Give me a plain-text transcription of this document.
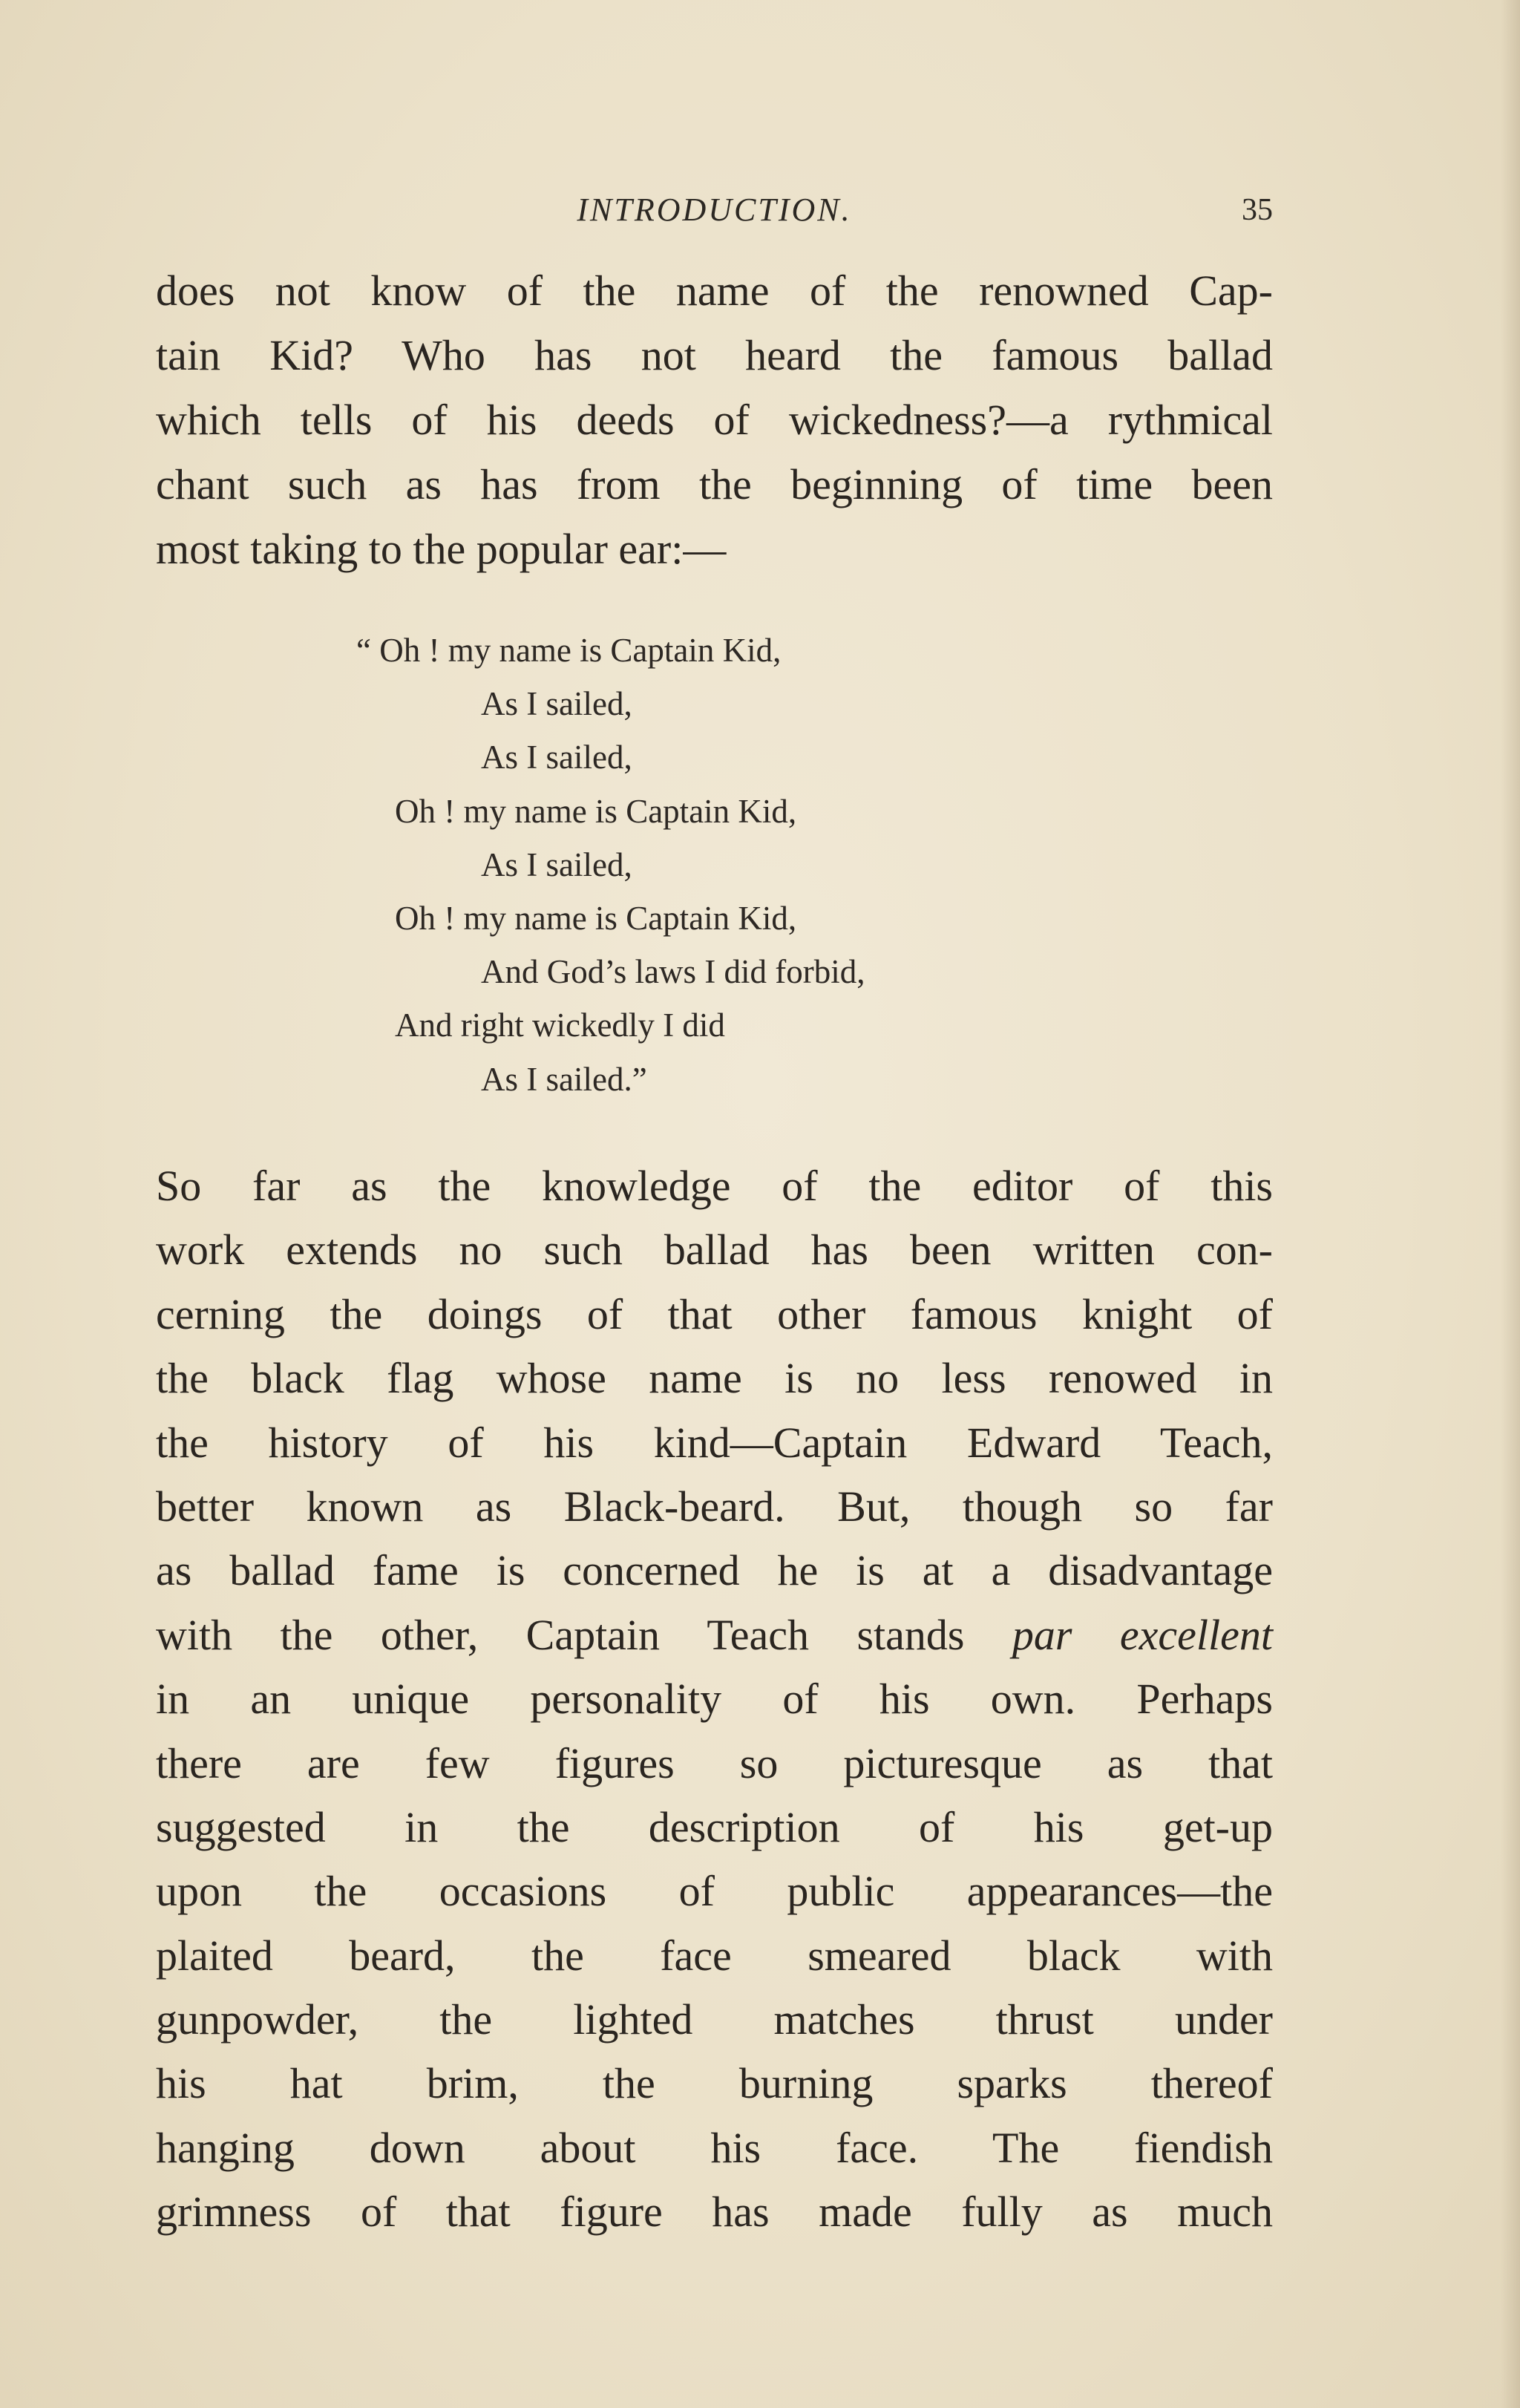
INTRODUCTION.	35
does not know of the name of the renowned Cap-
tain Kid? Who has not heard the famous ballad
which tells of his deeds of wickedness?—a rythmical
chant such as has from the beginning of time been
most taking to the popular ear:—
“ Oh ! my name is Captain Kid,
As I sailed,
As I sailed,
Oh ! my name is Captain Kid,
As I sailed,
Oh ! my name is Captain Kid,
And God’s laws I did forbid,
And right wickedly I did
As I sailed.”
So far as the knowledge of the editor of this
work extends no such ballad has been written con-
cerning the doings of that other famous knight of
the black flag whose name is no less renowed in
the history of his kind—Captain Edward Teach,
better known as Black-beard. But, though so far
as ballad fame is concerned he is at a disadvantage
with the other, Captain Teach stands par excellent
in an unique personality of his own. Perhaps
there are few figures so picturesque as that
suggested in the description of his get-up
upon the occasions of public appearances—the
plaited beard, the face smeared black with
gunpowder, the lighted matches thrust under
his hat brim, the burning sparks thereof
hanging down about his face. The fiendish
grimness of that figure has made fully as much
